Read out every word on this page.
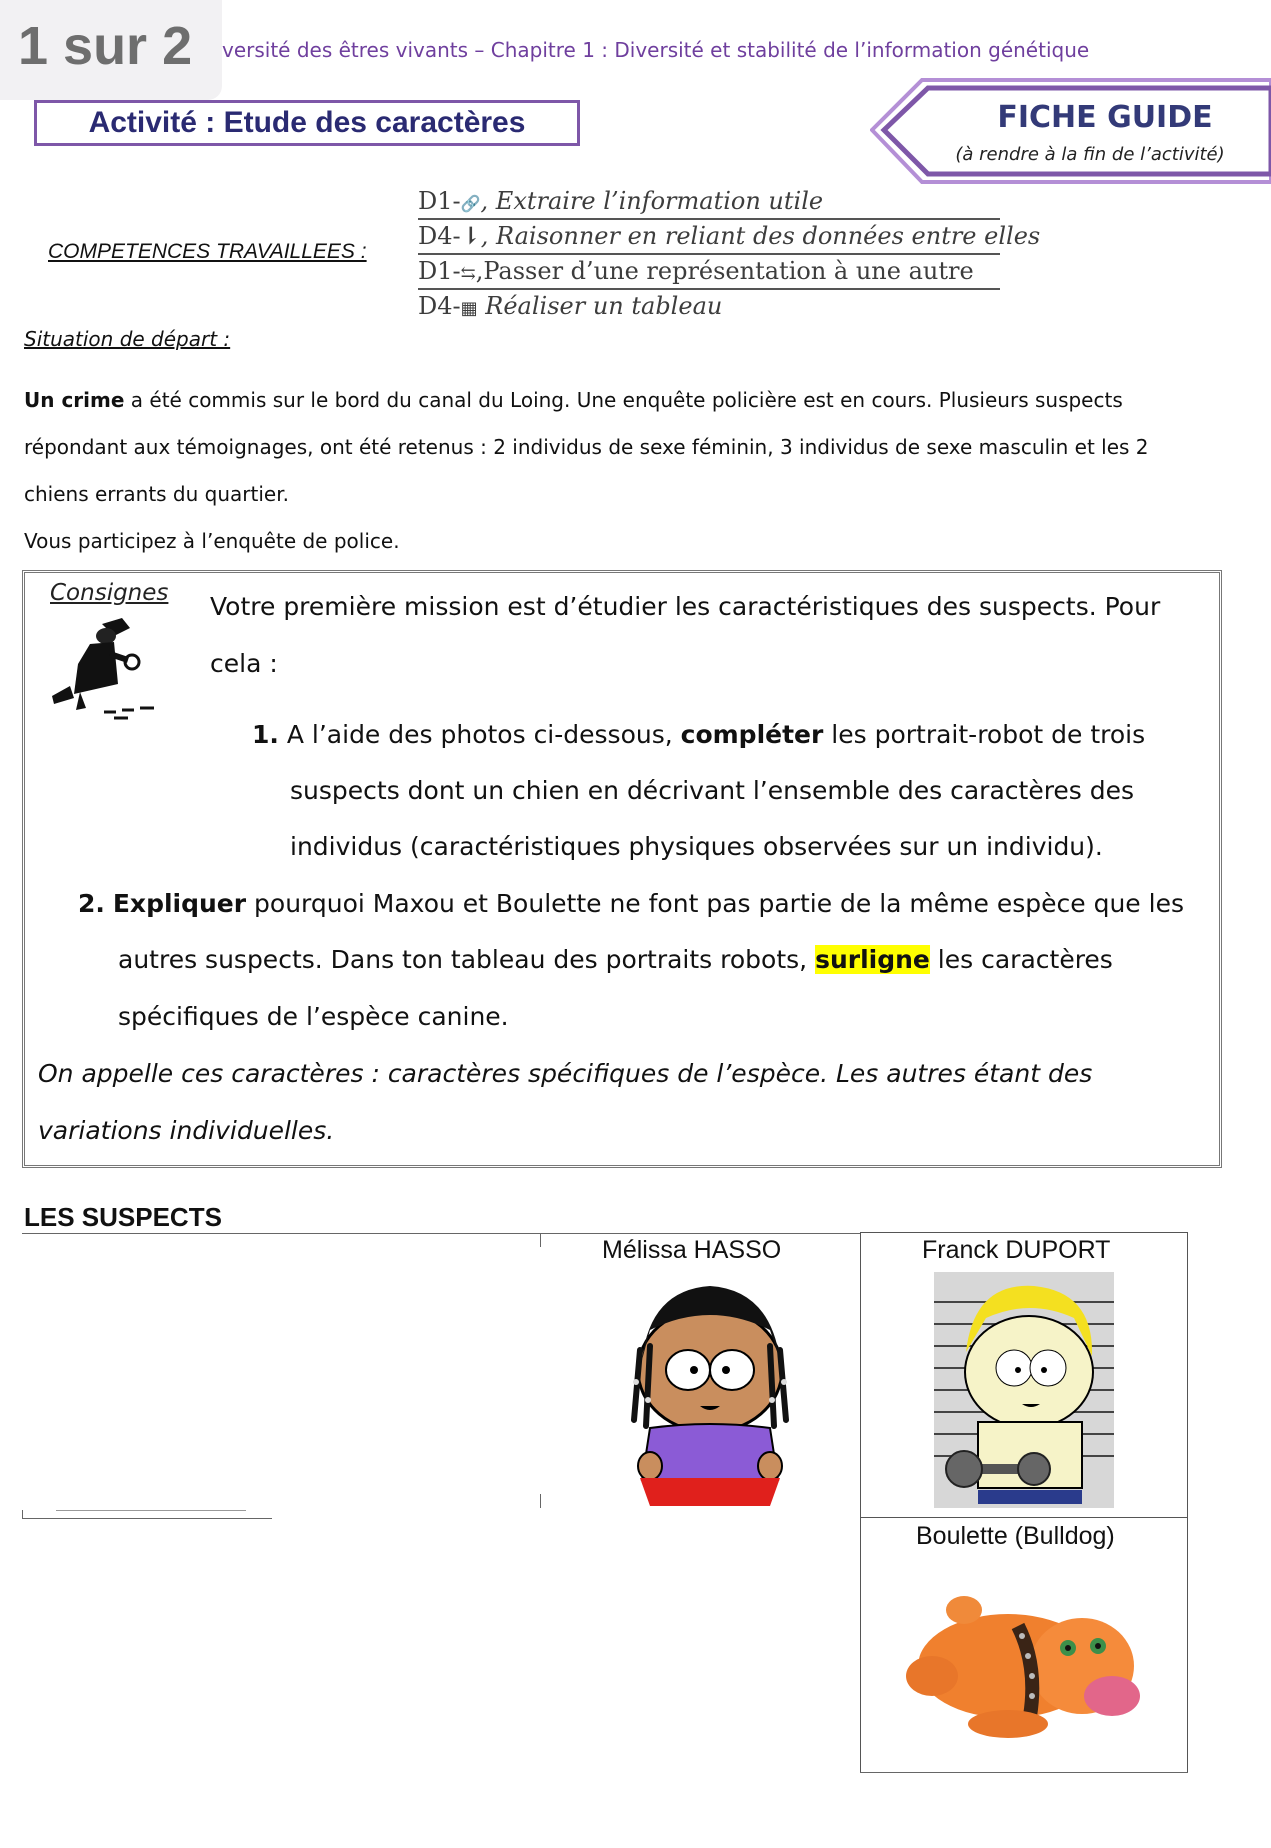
1 sur 2	versité des êtres vivants – Chapitre 1 : Diversité et stabilité de l’information génétique
Activité : Etude des caractères	FICHE GUIDE
(à rendre à la fin de l’activité)
COMPETENCES TRAVAILLEES :
D1-🔗, Extraire l’information utile
D4-⇂, Raisonner en reliant des données entre elles
D1-⇆,Passer d’une représentation à une autre
D4-▦ Réaliser un tableau
Situation de départ :
Un crime a été commis sur le bord du canal du Loing. Une enquête policière est en cours. Plusieurs suspects
répondant aux témoignages, ont été retenus : 2 individus de sexe féminin, 3 individus de sexe masculin et les 2
chiens errants du quartier.
Vous participez à l’enquête de police.
Consignes Votre première mission est d’étudier les caractéristiques des suspects. Pour
cela :
1. A l’aide des photos ci-dessous, compléter les portrait-robot de trois
suspects dont un chien en décrivant l’ensemble des caractères des
individus (caractéristiques physiques observées sur un individu).
2. Expliquer pourquoi Maxou et Boulette ne font pas partie de la même espèce que les
autres suspects. Dans ton tableau des portraits robots, surligne les caractères
spécifiques de l’espèce canine.
On appelle ces caractères : caractères spécifiques de l’espèce. Les autres étant des
variations individuelles.
LES SUSPECTS
Mélissa HASSO	Franck DUPORT
Boulette (Bulldog)
